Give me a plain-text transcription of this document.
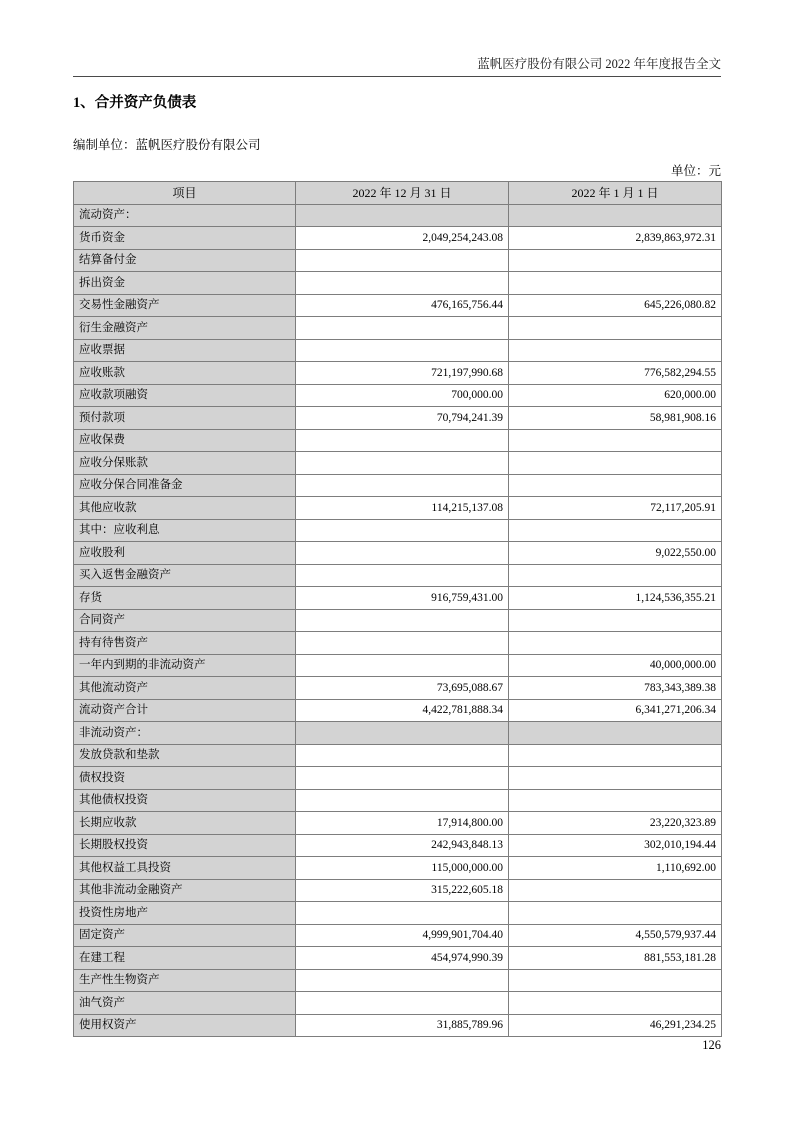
蓝帆医疗股份有限公司 2022 年年度报告全文
1、合并资产负债表
编制单位：蓝帆医疗股份有限公司
单位：元
项目	2022 年 12 月 31 日	2022 年 1 月 1 日
流动资产：		
货币资金	2,049,254,243.08	2,839,863,972.31
结算备付金		
拆出资金		
交易性金融资产	476,165,756.44	645,226,080.82
衍生金融资产		
应收票据		
应收账款	721,197,990.68	776,582,294.55
应收款项融资	700,000.00	620,000.00
预付款项	70,794,241.39	58,981,908.16
应收保费		
应收分保账款		
应收分保合同准备金		
其他应收款	114,215,137.08	72,117,205.91
其中：应收利息		
应收股利		9,022,550.00
买入返售金融资产		
存货	916,759,431.00	1,124,536,355.21
合同资产		
持有待售资产		
一年内到期的非流动资产		40,000,000.00
其他流动资产	73,695,088.67	783,343,389.38
流动资产合计	4,422,781,888.34	6,341,271,206.34
非流动资产：		
发放贷款和垫款		
债权投资		
其他债权投资		
长期应收款	17,914,800.00	23,220,323.89
长期股权投资	242,943,848.13	302,010,194.44
其他权益工具投资	115,000,000.00	1,110,692.00
其他非流动金融资产	315,222,605.18	
投资性房地产		
固定资产	4,999,901,704.40	4,550,579,937.44
在建工程	454,974,990.39	881,553,181.28
生产性生物资产		
油气资产		
使用权资产	31,885,789.96	46,291,234.25
126
